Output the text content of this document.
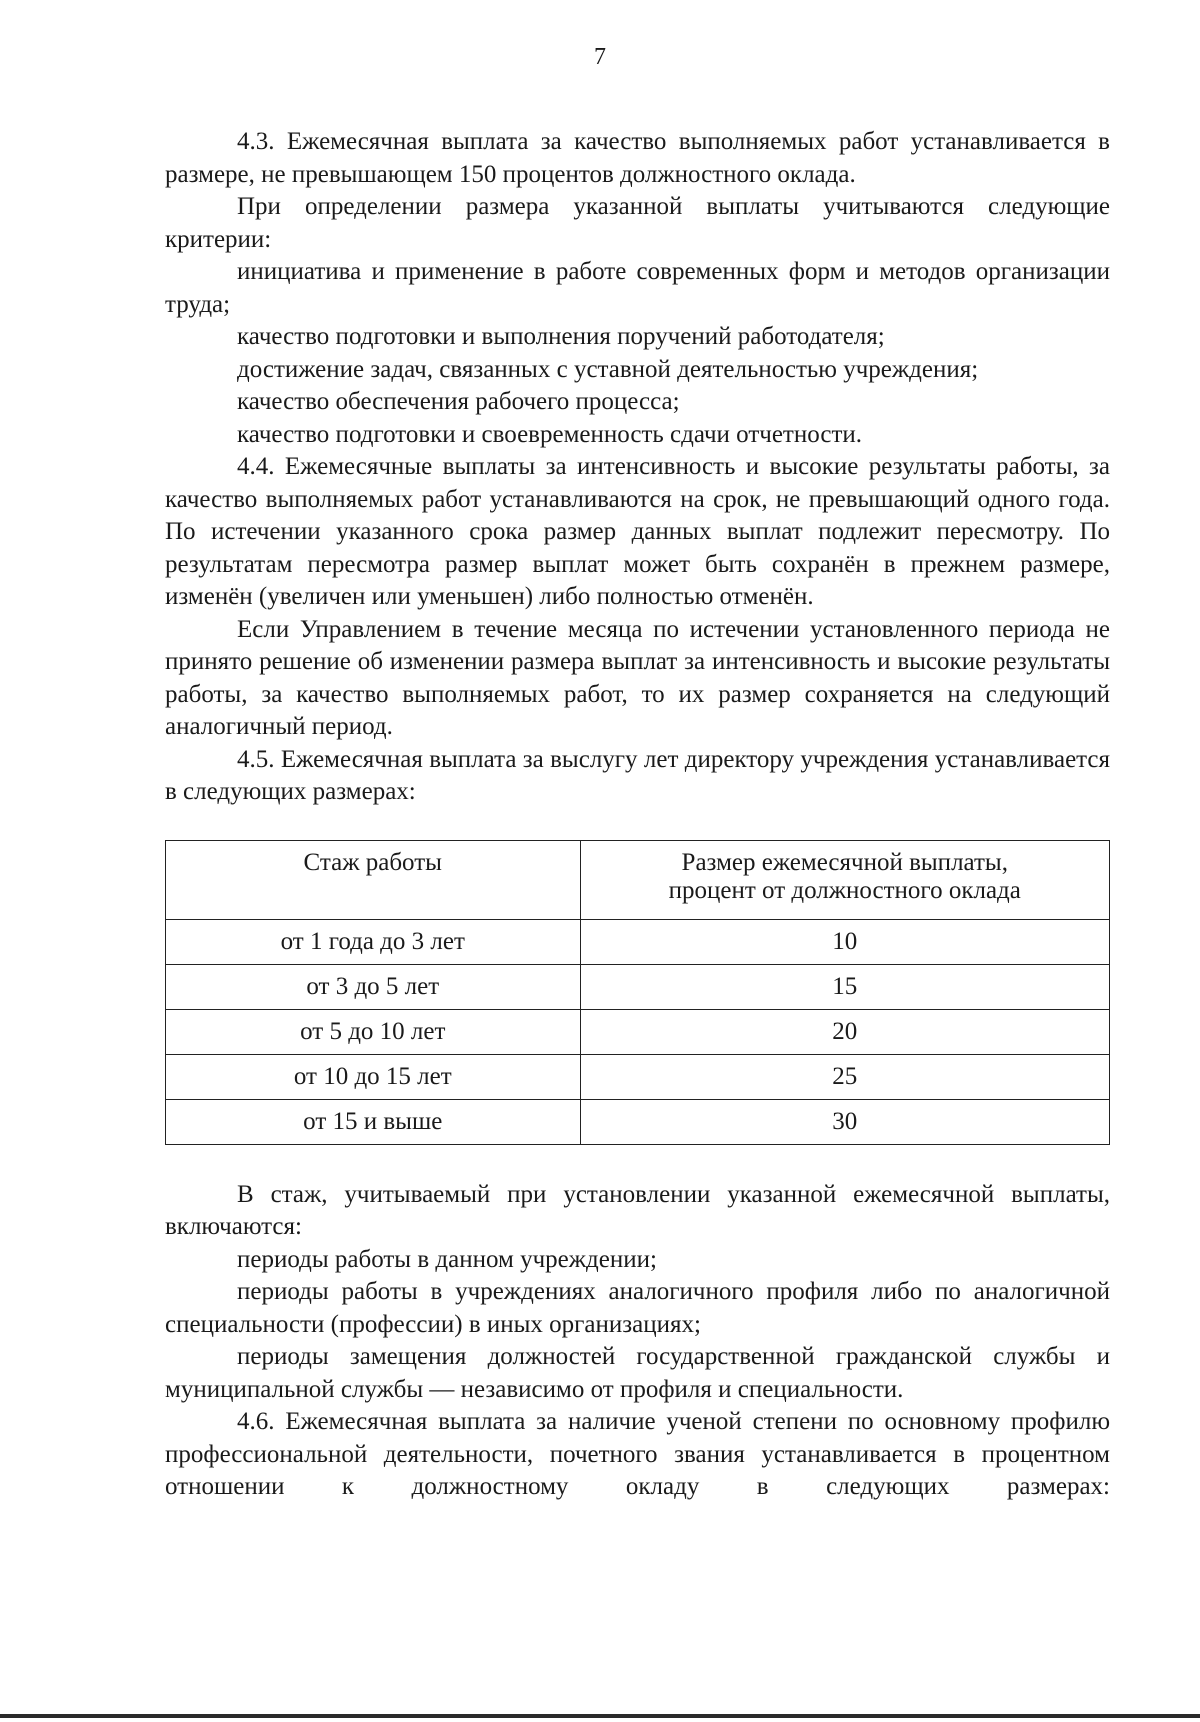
7

4.3. Ежемесячная выплата за качество выполняемых работ устанавливается в размере, не превышающем 150 процентов должностного оклада.

При определении размера указанной выплаты учитываются следующие критерии:

инициатива и применение в работе современных форм и методов организации труда;

качество подготовки и выполнения поручений работодателя;

достижение задач, связанных с уставной деятельностью учреждения;

качество обеспечения рабочего процесса;

качество подготовки и своевременность сдачи отчетности.

4.4. Ежемесячные выплаты за интенсивность и высокие результаты работы, за качество выполняемых работ устанавливаются на срок, не превышающий одного года. По истечении указанного срока размер данных выплат подлежит пересмотру. По результатам пересмотра размер выплат может быть сохранён в прежнем размере, изменён (увеличен или уменьшен) либо полностью отменён.

Если Управлением в течение месяца по истечении установленного периода не принято решение об изменении размера выплат за интенсивность и высокие результаты работы, за качество выполняемых работ, то их размер сохраняется на следующий аналогичный период.

4.5. Ежемесячная выплата за выслугу лет директору учреждения устанавливается в следующих размерах:

Стаж работы	Размер ежемесячной выплаты,
процент от должностного оклада
от 1 года до 3 лет	10
от 3 до 5 лет	15
от 5 до 10 лет	20
от 10 до 15 лет	25
от 15 и выше	30

В стаж, учитываемый при установлении указанной ежемесячной выплаты, включаются:

периоды работы в данном учреждении;

периоды работы в учреждениях аналогичного профиля либо по аналогичной специальности (профессии) в иных организациях;

периоды замещения должностей государственной гражданской службы и муниципальной службы — независимо от профиля и специальности.

4.6. Ежемесячная выплата за наличие ученой степени по основному профилю профессиональной деятельности, почетного звания устанавливается в процентном отношении к должностному окладу в следующих размерах:
